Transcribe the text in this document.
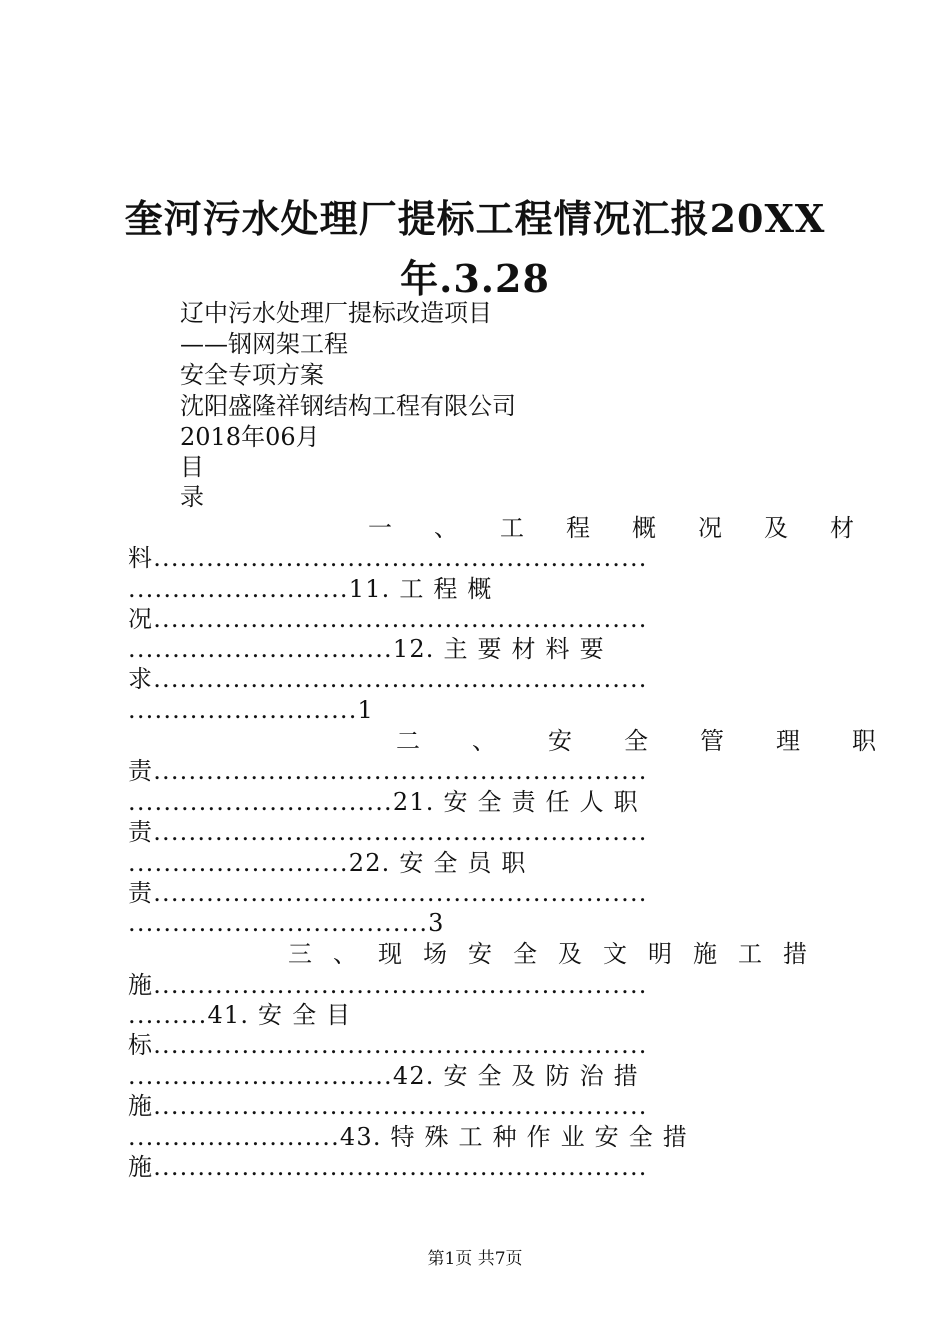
奎河污水处理厂提标工程情况汇报20XX
年.3.28
辽中污水处理厂提标改造项目
——钢网架工程
安全专项方案
沈阳盛隆祥钢结构工程有限公司
2018年06月
目
录
一、工程概况及材
料........................................................
.........................11. 工 程 概
况........................................................
..............................12. 主 要 材 料 要
求........................................................
..........................1
二、安全管理职
责........................................................
..............................21. 安 全 责 任 人 职
责........................................................
.........................22. 安 全 员 职
责........................................................
..................................3
三、现场安全及文明施工措
施........................................................
.........41. 安 全 目
标........................................................
..............................42. 安 全 及 防 治 措
施........................................................
........................43. 特 殊 工 种 作 业 安 全 措
施........................................................
第1页 共7页
